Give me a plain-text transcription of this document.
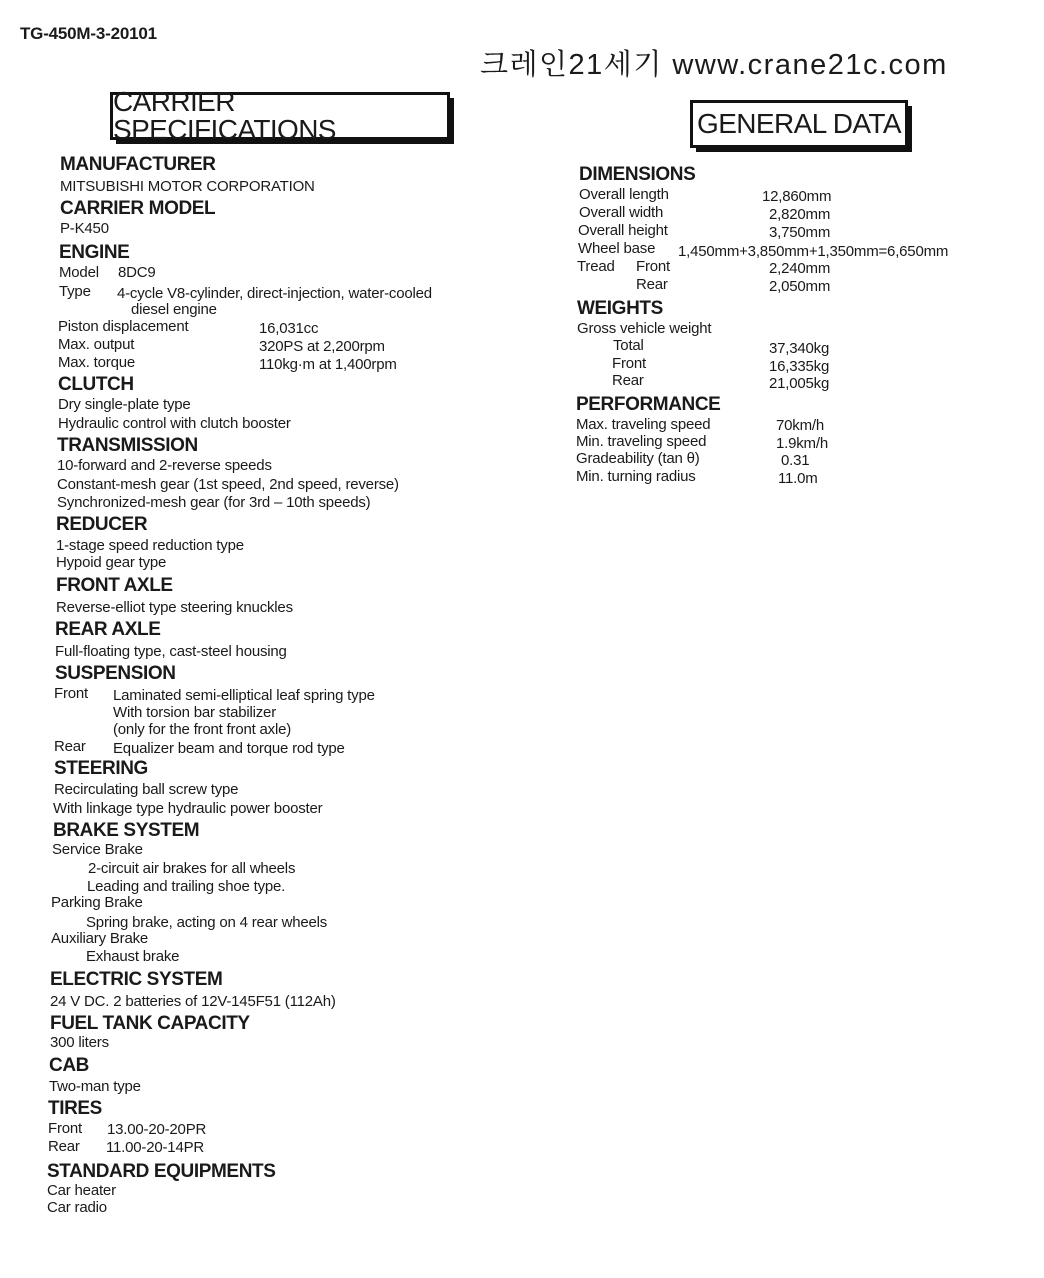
TG-450M-3-20101
크레인21세기 www.crane21c.com
CARRIER SPECIFICATIONS	GENERAL DATA
MANUFACTURER
MITSUBISHI MOTOR CORPORATION
CARRIER MODEL
P-K450
ENGINE
Model 8DC9
Type 4-cycle V8-cylinder, direct-injection, water-cooled
diesel engine
Piston displacement	16,031cc
Max. output	320PS at 2,200rpm
Max. torque	110kg·m at 1,400rpm
CLUTCH
Dry single-plate type
Hydraulic control with clutch booster
TRANSMISSION
10-forward and 2-reverse speeds
Constant-mesh gear (1st speed, 2nd speed, reverse)
Synchronized-mesh gear (for 3rd – 10th speeds)
REDUCER
1-stage speed reduction type
Hypoid gear type
FRONT AXLE
Reverse-elliot type steering knuckles
REAR AXLE
Full-floating type, cast-steel housing
SUSPENSION
Front Laminated semi-elliptical leaf spring type
With torsion bar stabilizer
(only for the front front axle)
Rear Equalizer beam and torque rod type
STEERING
Recirculating ball screw type
With linkage type hydraulic power booster
BRAKE SYSTEM
Service Brake
2-circuit air brakes for all wheels
Leading and trailing shoe type.
Parking Brake
Spring brake, acting on 4 rear wheels
Auxiliary Brake
Exhaust brake
ELECTRIC SYSTEM
24 V DC. 2 batteries of 12V-145F51 (112Ah)
FUEL TANK CAPACITY
300 liters
CAB
Two-man type
TIRES
Front 13.00-20-20PR
Rear 11.00-20-14PR
STANDARD EQUIPMENTS
Car heater
Car radio
DIMENSIONS
Overall length	12,860mm
Overall width	2,820mm
Overall height	3,750mm
Wheel base 1,450mm+3,850mm+1,350mm=6,650mm
Tread Front	2,240mm
Rear	2,050mm
WEIGHTS
Gross vehicle weight
Total	37,340kg
Front	16,335kg
Rear	21,005kg
PERFORMANCE
Max. traveling speed	70km/h
Min. traveling speed	1.9km/h
Gradeability (tan θ)	0.31
Min. turning radius	11.0m
